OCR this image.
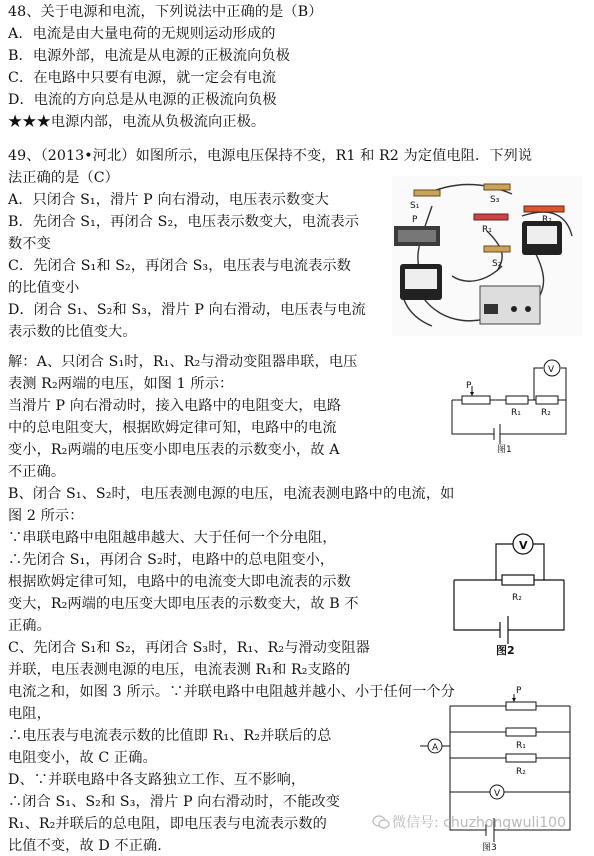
48、关于电源和电流，下列说法中正确的是（B）
A．电流是由大量电荷的无规则运动形成的
B．电源外部，电流是从电源的正极流向负极
C．在电路中只要有电源，就一定会有电流
D．电流的方向总是从电源的正极流向负极
★★★电源内部，电流从负极流向正极。
49、（2013•河北）如图所示，电源电压保持不变，R1 和 R2 为定值电阻．下列说
法正确的是（C）
A．只闭合 S₁，滑片 P 向右滑动，电压表示数变大
B．先闭合 S₁，再闭合 S₂，电压表示数变大，电流表示
数不变
C．先闭合 S₁和 S₂，再闭合 S₃，电压表与电流表示数
的比值变小
D．闭合 S₁、S₂和 S₃，滑片 P 向右滑动，电压表与电流
表示数的比值变大。
S₁
S₃
R₁
R₂
S₂
P
解：A、只闭合 S₁时，R₁、R₂与滑动变阻器串联，电压
表测 R₂两端的电压，如图 1 所示：
当滑片 P 向右滑动时，接入电路中的电阻变大，电路
中的总电阻变大，根据欧姆定律可知，电路中的电流
变小，R₂两端的电压变小即电压表的示数变小，故 A
不正确。
B、闭合 S₁、S₂时，电压表测电源的电压，电流表测电路中的电流，如
图 2 所示：
∵串联电路中电阻越串越大、大于任何一个分电阻，
∴先闭合 S₁，再闭合 S₂时，电路中的总电阻变小，
根据欧姆定律可知，电路中的电流变大即电流表的示数
变大，R₂两端的电压变大即电压表的示数变大，故 B 不
正确。
C、先闭合 S₁和 S₂，再闭合 S₃时，R₁、R₂与滑动变阻器
并联，电压表测电源的电压，电流表测 R₁和 R₂支路的
电流之和，如图 3 所示。∵并联电路中电阻越并越小、小于任何一个分
电阻，
∴电压表与电流表示数的比值即 R₁、R₂并联后的总
电阻变小，故 C 正确。
D、∵并联电路中各支路独立工作、互不影响，
∴闭合 S₁、S₂和 S₃，滑片 P 向右滑动时，不能改变
R₁、R₂并联后的总电阻，即电压表与电流表示数的
比值不变，故 D 不正确.
V
P
R₁ R₂
图1
V
R₂
图2
P
R₁
R₂
A
V
图3
微信号: chuzhongwuli100
